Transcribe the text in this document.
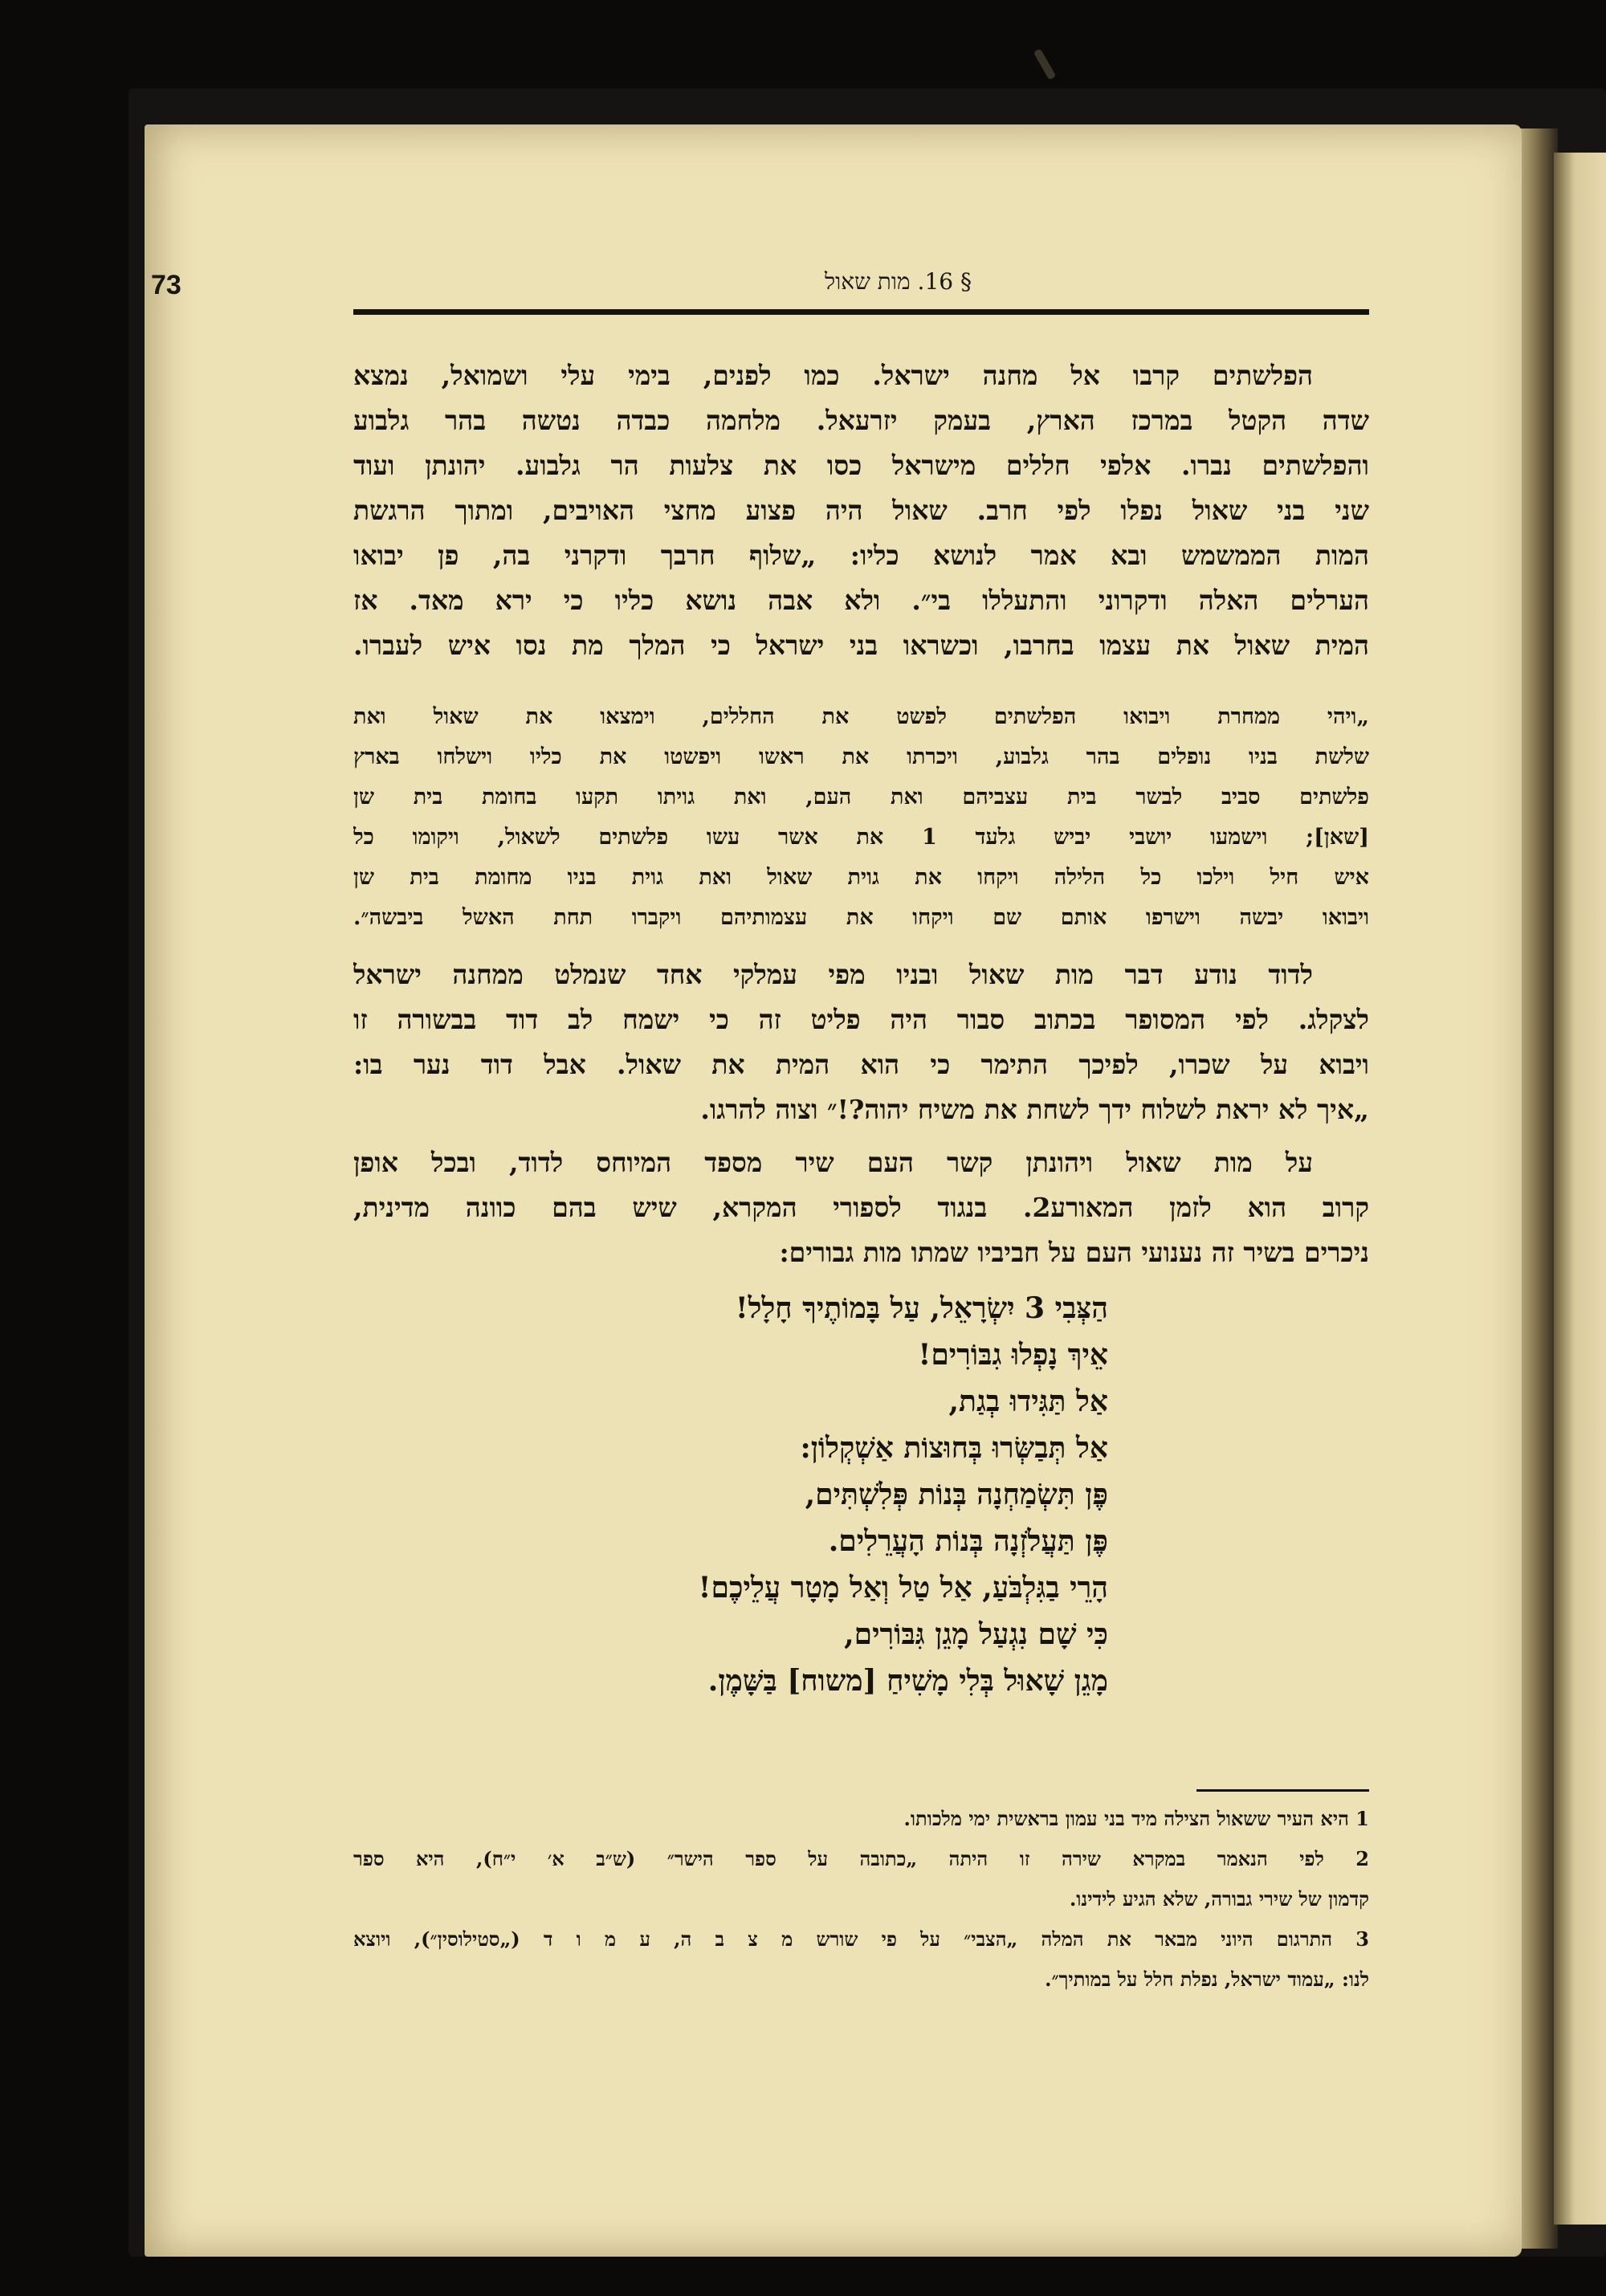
73	§ 16. מות שאול
הפלשתים קרבו אל מחנה ישראל. כמו לפנים, בימי עלי ושמואל, נמצא
שדה הקטל במרכז הארץ, בעמק יזרעאל. מלחמה כבדה נטשה בהר גלבוע
והפלשתים נברו. אלפי חללים מישראל כסו את צלעות הר גלבוע. יהונתן ועוד
שני בני שאול נפלו לפי חרב. שאול היה פצוע מחצי האויבים, ומתוך הרגשת
המות הממשמש ובא אמר לנושא כליו: „שלוף חרבך ודקרני בה, פן יבואו
הערלים האלה ודקרוני והתעללו בי״. ולא אבה נושא כליו כי ירא מאד. אז
המית שאול את עצמו בחרבו, וכשראו בני ישראל כי המלך מת נסו איש לעברו.
„ויהי ממחרת ויבואו הפלשתים לפשט את החללים, וימצאו את שאול ואת
שלשת בניו נופלים בהר גלבוע, ויכרתו את ראשו ויפשטו את כליו וישלחו בארץ
פלשתים סביב לבשר בית עצביהם ואת העם, ואת גויתו תקעו בחומת בית שן
[שאן]; וישמעו יושבי יביש גלעד 1 את אשר עשו פלשתים לשאול, ויקומו כל
איש חיל וילכו כל הלילה ויקחו את גוית שאול ואת גוית בניו מחומת בית שן
ויבואו יבשה וישרפו אותם שם ויקחו את עצמותיהם ויקברו תחת האשל ביבשה״.
לדוד נודע דבר מות שאול ובניו מפי עמלקי אחד שנמלט ממחנה ישראל
לצקלג. לפי המסופר בכתוב סבור היה פליט זה כי ישמח לב דוד בבשורה זו
ויבוא על שכרו, לפיכך התימר כי הוא המית את שאול. אבל דוד נער בו:
„איך לא יראת לשלוח ידך לשחת את משיח יהוה?!״ וצוה להרגו.
על מות שאול ויהונתן קשר העם שיר מספד המיוחס לדוד, ובכל אופן
קרוב הוא לזמן המאורע2. בנגוד לספורי המקרא, שיש בהם כוונה מדינית,
ניכרים בשיר זה נענועי העם על חביביו שמתו מות גבורים:
הַצְּבִי 3 יִשְׂרָאֵל, עַל בָּמוֹתֶיךָ חָלָל!
אֵיךְ נָפְלוּ גִבּוֹרִים!
אַל תַּגִּידוּ בְגַת,
אַל תְּבַשְּׂרוּ בְּחוּצוֹת אַשְׁקְלוֹן:
פֶּן תִּשְׂמַחְנָה בְּנוֹת פְּלִשְׁתִּים,
פֶּן תַּעֲלֹזְנָה בְּנוֹת הָעֲרֵלִים.
הָרֵי בַגִּלְבֹּעַ, אַל טַל וְאַל מָטָר עֲלֵיכֶם!
כִּי שָׁם נִגְעַל מָגֵן גִּבּוֹרִים,
מָגֵן שָׁאוּל בְּלִי מָשִׁיחַ [משוח] בַּשָּׁמֶן.
1 היא העיר ששאול הצילה מיד בני עמון בראשית ימי מלכותו.
2 לפי הנאמר במקרא שירה זו היתה „כתובה על ספר הישר״ (ש״ב א׳ י״ח), היא ספר
קדמון של שירי גבורה, שלא הגיע לידינו.
3 התרגום היוני מבאר את המלה „הצבי״ על פי שורש מ צ ב ה, ע מ ו ד („סטילוסין״), ויוצא
לנו: „עמוד ישראל, נפלת חלל על במותיך״.
